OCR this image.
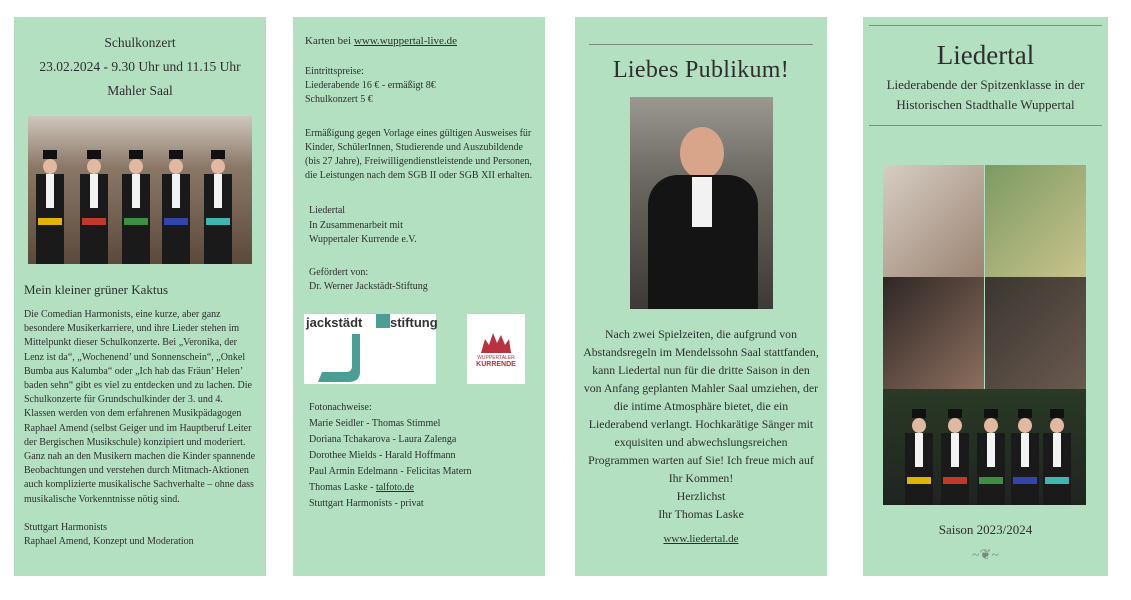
Schulkonzert
23.02.2024 - 9.30 Uhr und 11.15 Uhr
Mahler Saal
Mein kleiner grüner Kaktus
Die Comedian Harmonists, eine kurze, aber ganz besondere Musikerkarriere, und ihre Lieder stehen im Mittelpunkt dieser Schulkonzerte. Bei „Veronika, der Lenz ist da“, „Wochenend’ und Sonnenschein“, „Onkel Bumba aus Kalumba“ oder „Ich hab das Fräun’ Helen’ baden sehn“ gibt es viel zu entdecken und zu lachen. Die Schulkonzerte für Grundschulkinder der 3. und 4. Klassen werden von dem erfahrenen Musikpädagogen Raphael Amend (selbst Geiger und im Hauptberuf Leiter der Bergischen Musikschule) konzipiert und moderiert. Ganz nah an den Musikern machen die Kinder spannende Beobachtungen und verstehen durch Mitmach-Aktionen auch komplizierte musikalische Sachverhalte – ohne dass musikalische Vorkenntnisse nötig sind.
Stuttgart Harmonists
Raphael Amend, Konzept und Moderation
Karten bei www.wuppertal-live.de
Eintrittspreise:
Liederabende 16 € - ermäßigt 8€
Schulkonzert 5 €
Ermäßigung gegen Vorlage eines gültigen Ausweises für Kinder, SchülerInnen, Studierende und Auszubildende (bis 27 Jahre), Freiwilligendienstleistende und Personen, die Leistungen nach dem SGB II oder SGB XII erhalten.
Liedertal
In Zusammenarbeit mit
Wuppertaler Kurrende e.V.
Gefördert von:
Dr. Werner Jackstädt-Stiftung
jackstädt stiftung
WUPPERTALER
KURRENDE
Fotonachweise:
Marie Seidler - Thomas Stimmel
Doriana Tchakarova - Laura Zalenga
Dorothee Mields - Harald Hoffmann
Paul Armin Edelmann - Felicitas Matern
Thomas Laske - talfoto.de
Stuttgart Harmonists - privat
Liebes Publikum!
Nach zwei Spielzeiten, die aufgrund von Abstandsregeln im Mendelssohn Saal stattfanden, kann Liedertal nun für die dritte Saison in den von Anfang geplanten Mahler Saal umziehen, der die intime Atmosphäre bietet, die ein Liederabend verlangt. Hochkarätige Sänger mit exquisiten und abwechslungsreichen Programmen warten auf Sie! Ich freue mich auf Ihr Kommen!
Herzlichst
Ihr Thomas Laske
www.liedertal.de
Liedertal
Liederabende der Spitzenklasse in der Historischen Stadthalle Wuppertal
Saison 2023/2024
~❦~
